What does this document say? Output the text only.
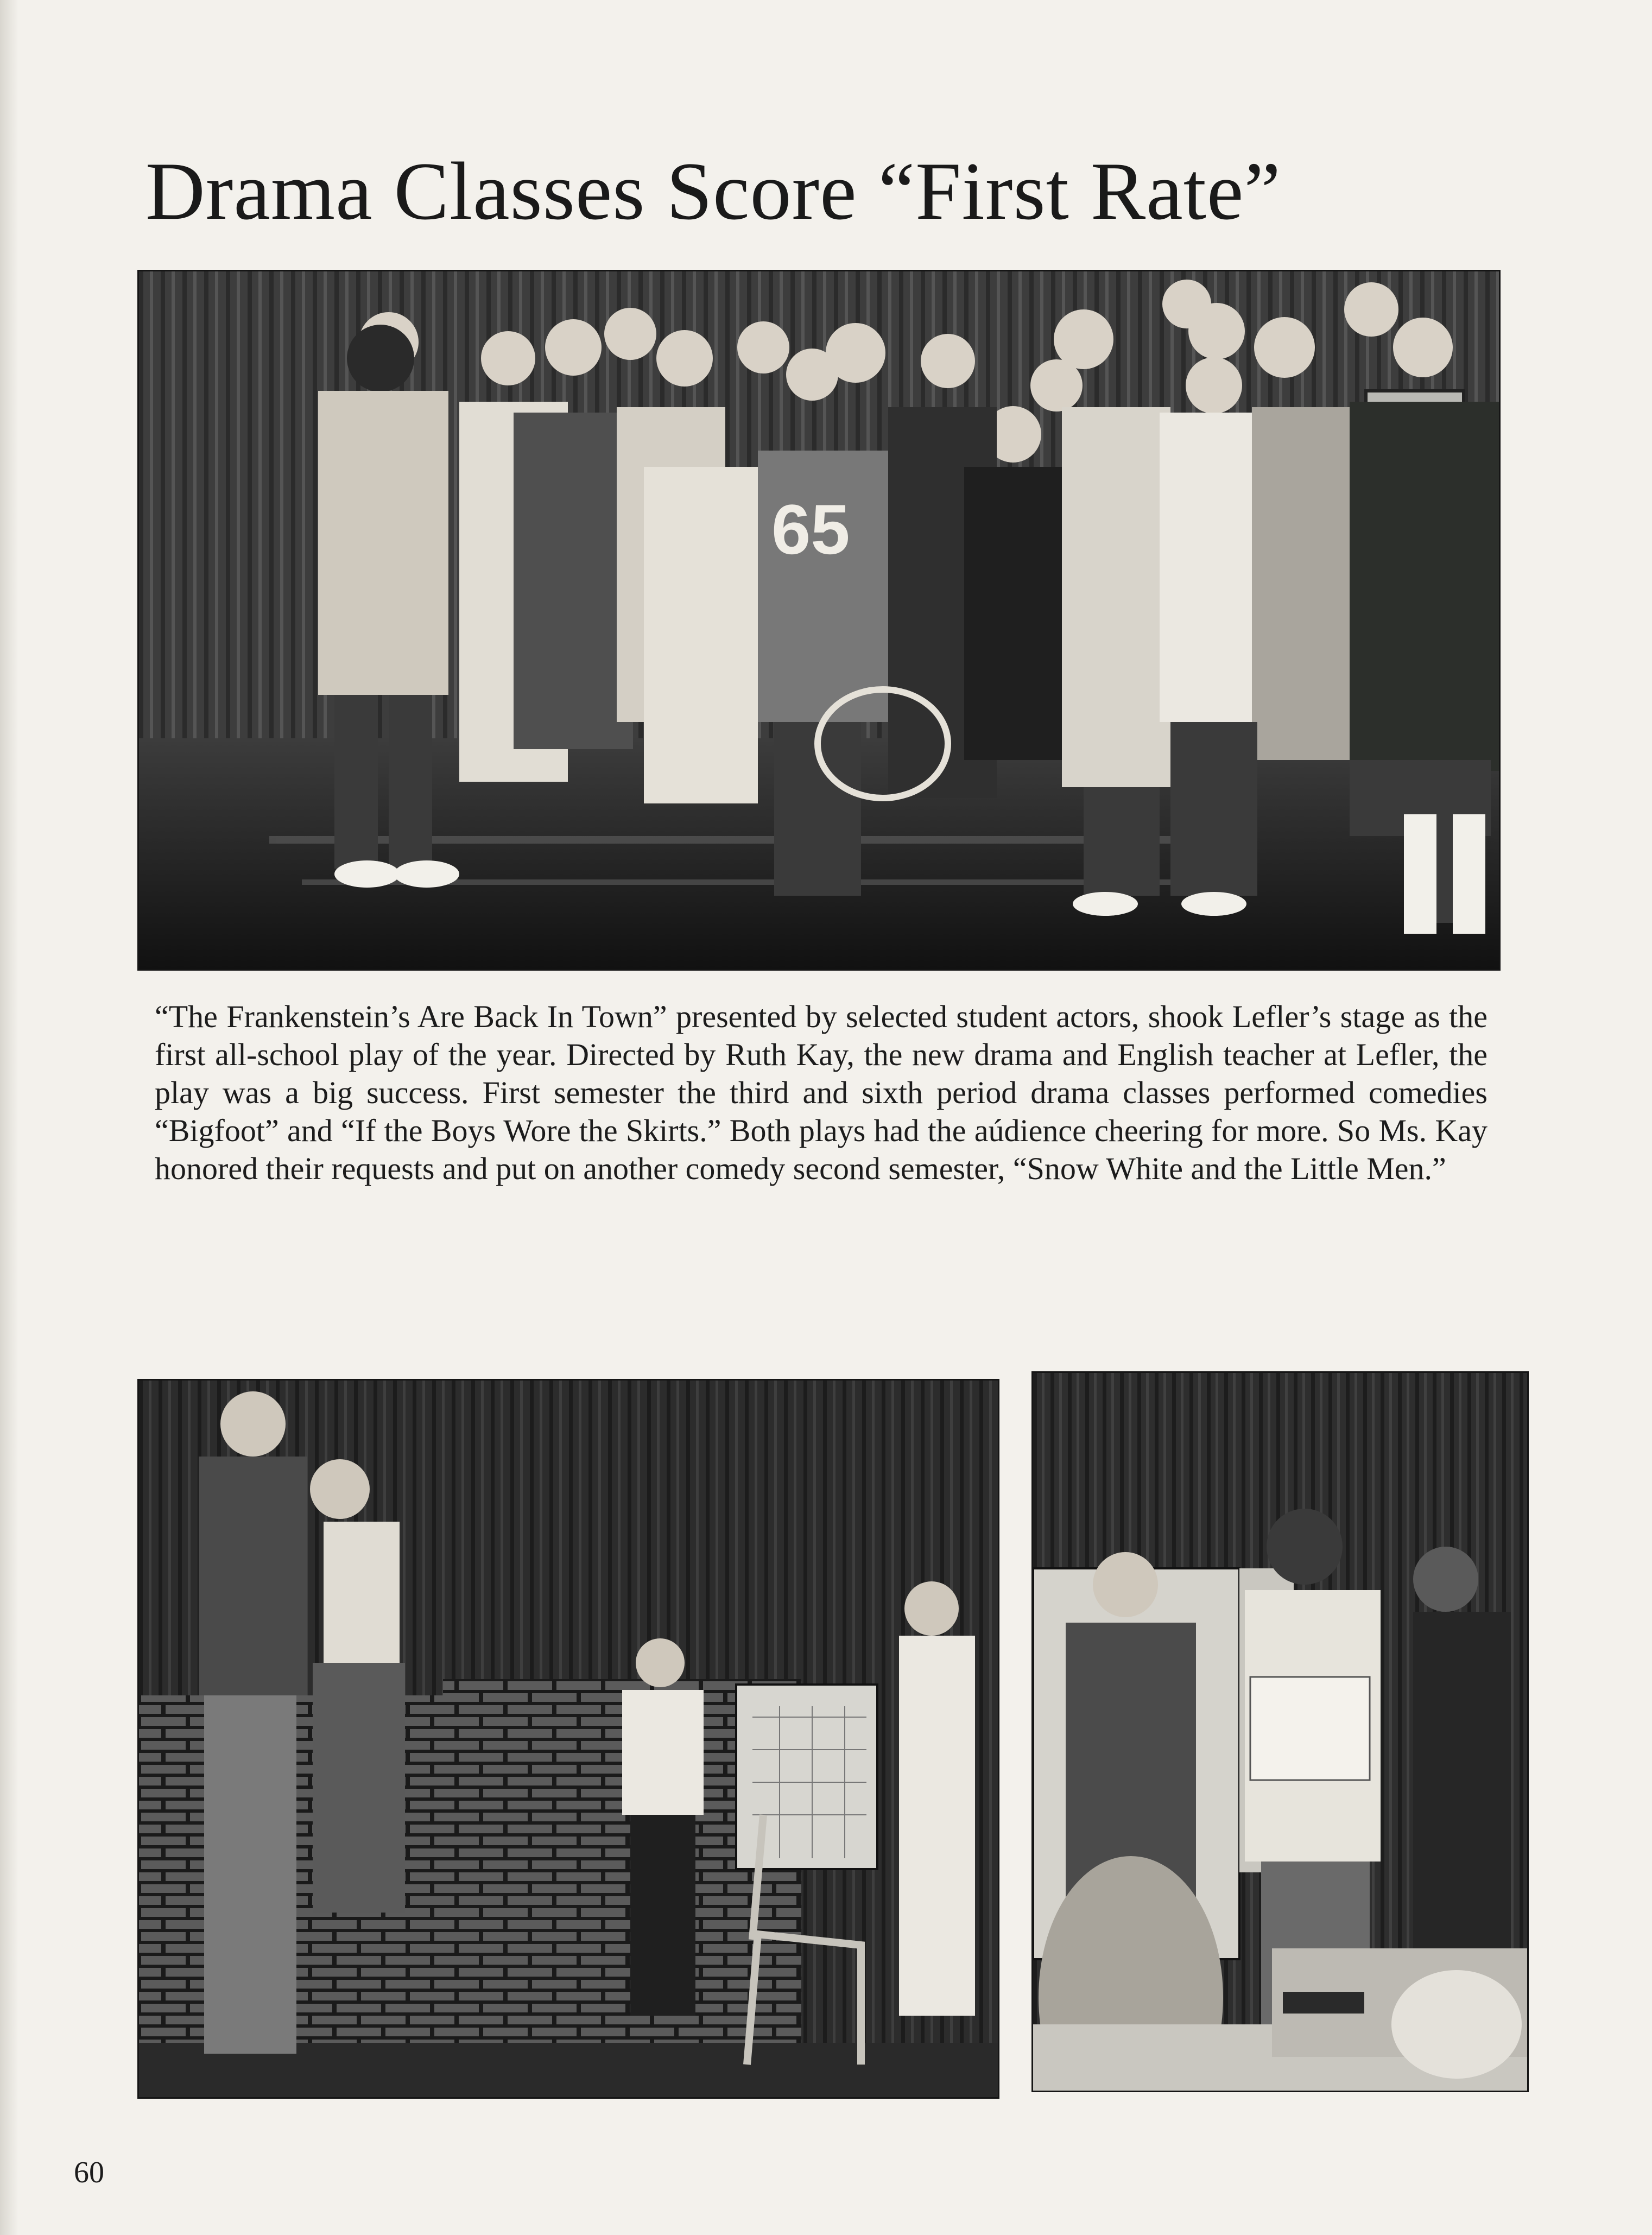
Drama Classes Score “First Rate”
65

“The Frankenstein’s Are Back In Town” presented by selected student actors, shook Lefler’s stage as the first all-school play of the year. Directed by Ruth Kay, the new drama and English teacher at Lefler, the play was a big success. First semester the third and sixth period drama classes performed comedies “Bigfoot” and “If the Boys Wore the Skirts.” Both plays had the aúdience cheering for more. So Ms. Kay honored their requests and put on another comedy second semester, “Snow White and the Little Men.”

60
